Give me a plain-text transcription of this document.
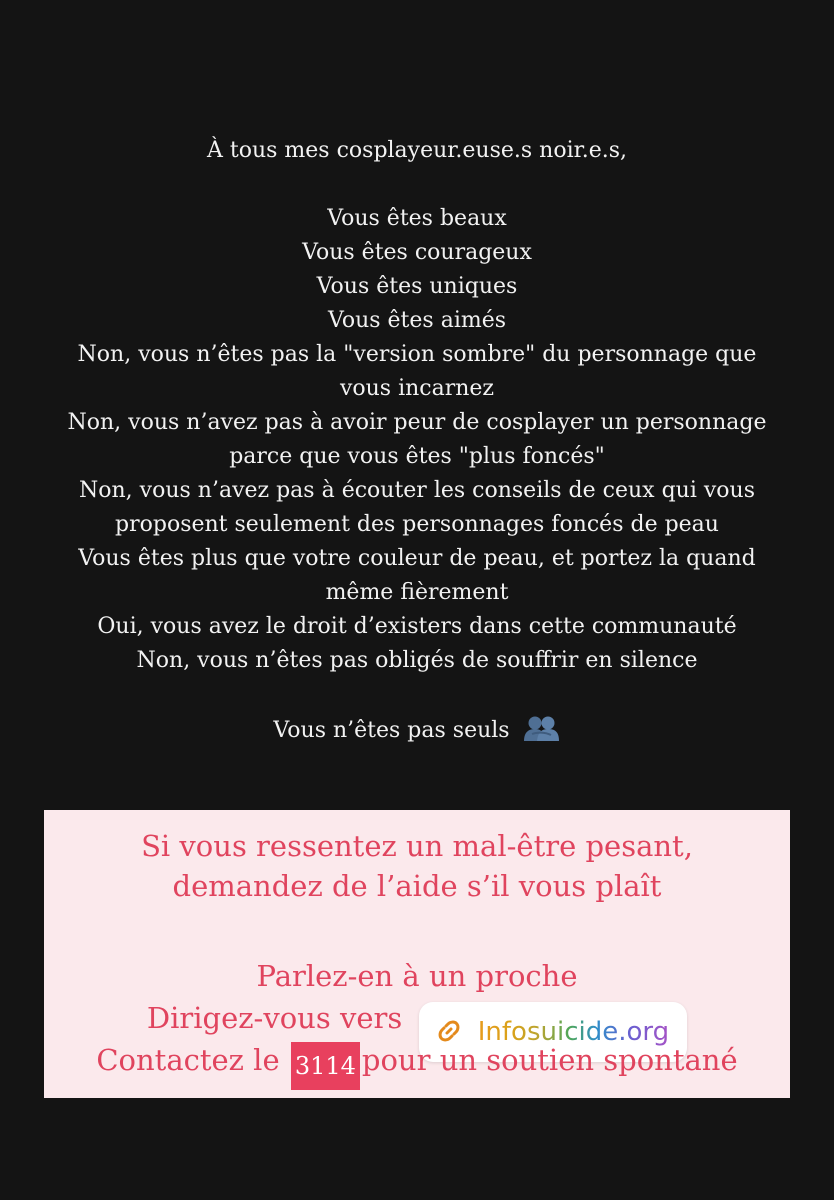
À tous mes cosplayeur.euse.s noir.e.s,
Vous êtes beaux
Vous êtes courageux
Vous êtes uniques
Vous êtes aimés
Non, vous n’êtes pas la "version sombre" du personnage que
vous incarnez
Non, vous n’avez pas à avoir peur de cosplayer un personnage
parce que vous êtes "plus foncés"
Non, vous n’avez pas à écouter les conseils de ceux qui vous
proposent seulement des personnages foncés de peau
Vous êtes plus que votre couleur de peau, et portez la quand
même fièrement
Oui, vous avez le droit d’existers dans cette communauté
Non, vous n’êtes pas obligés de souffrir en silence
Vous n’êtes pas seuls
Si vous ressentez un mal-être pesant,
demandez de l’aide s’il vous plaît
Parlez-en à un proche
Dirigez-vous vers	Infosuicide.org
Contactez le 3114 pour un soutien spontané
